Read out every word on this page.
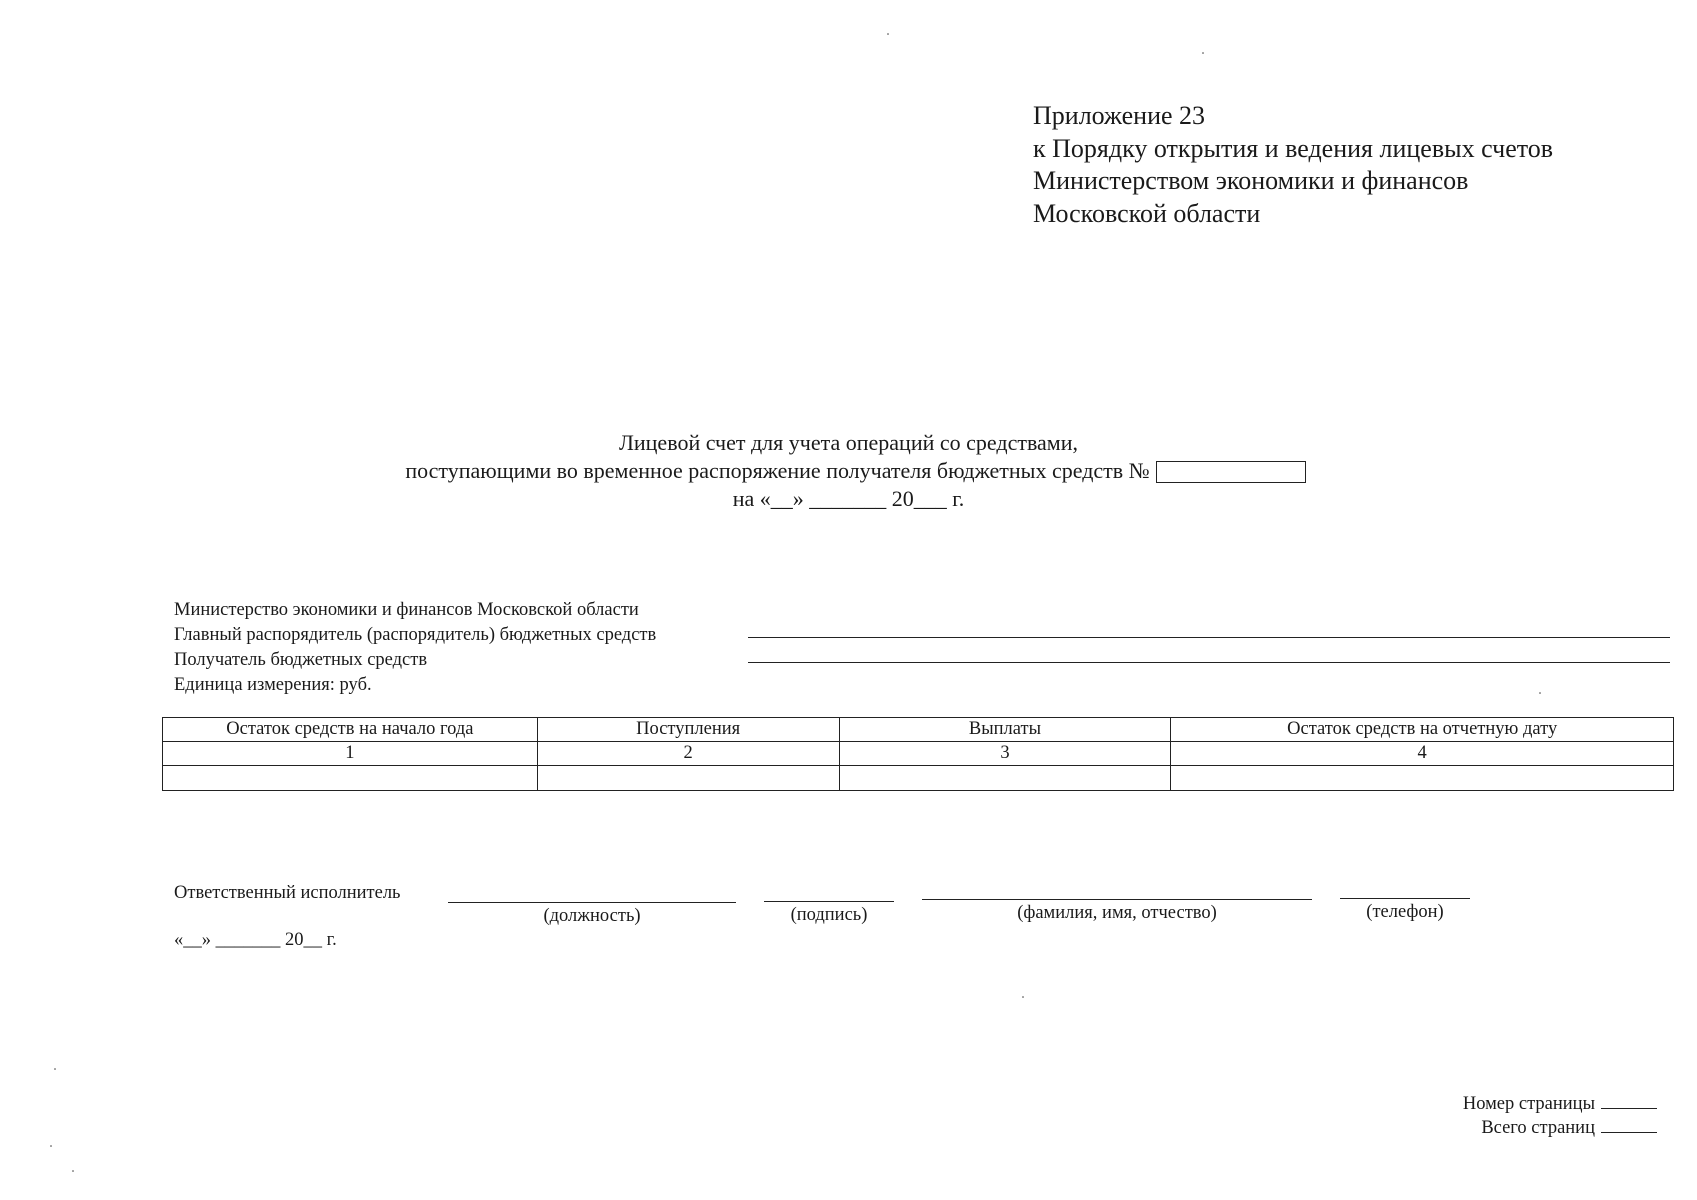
Приложение 23
к Порядку открытия и ведения лицевых счетов
Министерством экономики и финансов
Московской области
Лицевой счет для учета операций со средствами,
поступающими во временное распоряжение получателя бюджетных средств №
на «__» _______ 20___ г.
Министерство экономики и финансов Московской области
Главный распорядитель (распорядитель) бюджетных средств
Получатель бюджетных средств
Единица измерения: руб.
Остаток средств на начало года	Поступления	Выплаты	Остаток средств на отчетную дату
1	2	3	4

Ответственный исполнитель
(должность)	(подпись)	(фамилия, имя, отчество)	(телефон)
«__» _______ 20__ г.
Номер страницы
Всего страниц
